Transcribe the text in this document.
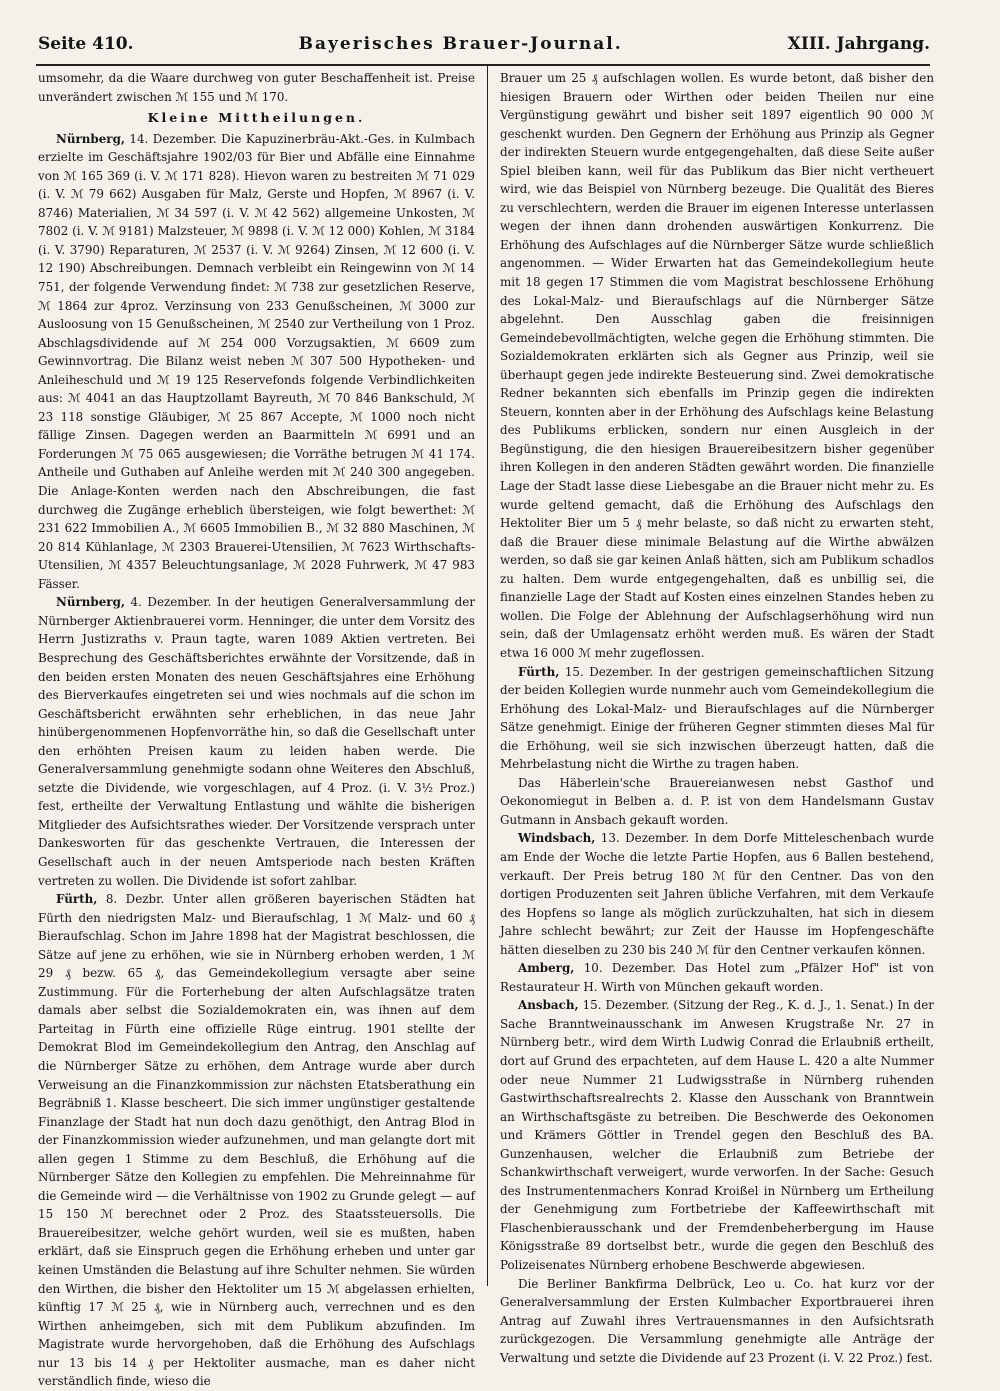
Seite 410.	Bayerisches Brauer-Journal.	XIII. Jahrgang.

umsomehr, da die Waare durchweg von guter Beschaffenheit ist. Preise unverändert zwischen ℳ 155 und ℳ 170.

Kleine Mittheilungen.

Nürnberg, 14. Dezember. Die Kapuzinerbräu-Akt.-Ges. in Kulmbach erzielte im Geschäftsjahre 1902/03 für Bier und Abfälle eine Einnahme von ℳ 165 369 (i. V. ℳ 171 828). Hievon waren zu bestreiten ℳ 71 029 (i. V. ℳ 79 662) Ausgaben für Malz, Gerste und Hopfen, ℳ 8967 (i. V. 8746) Materialien, ℳ 34 597 (i. V. ℳ 42 562) allgemeine Unkosten, ℳ 7802 (i. V. ℳ 9181) Malzsteuer, ℳ 9898 (i. V. ℳ 12 000) Kohlen, ℳ 3184 (i. V. 3790) Reparaturen, ℳ 2537 (i. V. ℳ 9264) Zinsen, ℳ 12 600 (i. V. 12 190) Abschreibungen. Demnach verbleibt ein Reingewinn von ℳ 14 751, der folgende Verwendung findet: ℳ 738 zur gesetzlichen Reserve, ℳ 1864 zur 4proz. Verzinsung von 233 Genußscheinen, ℳ 3000 zur Ausloosung von 15 Genußscheinen, ℳ 2540 zur Vertheilung von 1 Proz. Abschlagsdividende auf ℳ 254 000 Vorzugsaktien, ℳ 6609 zum Gewinnvortrag. Die Bilanz weist neben ℳ 307 500 Hypotheken- und Anleiheschuld und ℳ 19 125 Reservefonds folgende Verbindlichkeiten aus: ℳ 4041 an das Hauptzollamt Bayreuth, ℳ 70 846 Bankschuld, ℳ 23 118 sonstige Gläubiger, ℳ 25 867 Accepte, ℳ 1000 noch nicht fällige Zinsen. Dagegen werden an Baarmitteln ℳ 6991 und an Forderungen ℳ 75 065 ausgewiesen; die Vorräthe betrugen ℳ 41 174. Antheile und Guthaben auf Anleihe werden mit ℳ 240 300 angegeben. Die Anlage-Konten werden nach den Abschreibungen, die fast durchweg die Zugänge erheblich übersteigen, wie folgt bewerthet: ℳ 231 622 Immobilien A., ℳ 6605 Immobilien B., ℳ 32 880 Maschinen, ℳ 20 814 Kühlanlage, ℳ 2303 Brauerei-Utensilien, ℳ 7623 Wirthschafts-Utensilien, ℳ 4357 Beleuchtungsanlage, ℳ 2028 Fuhrwerk, ℳ 47 983 Fässer.

Nürnberg, 4. Dezember. In der heutigen Generalversammlung der Nürnberger Aktienbrauerei vorm. Henninger, die unter dem Vorsitz des Herrn Justizraths v. Praun tagte, waren 1089 Aktien vertreten. Bei Besprechung des Geschäftsberichtes erwähnte der Vorsitzende, daß in den beiden ersten Monaten des neuen Geschäftsjahres eine Erhöhung des Bierverkaufes eingetreten sei und wies nochmals auf die schon im Geschäftsbericht erwähnten sehr erheblichen, in das neue Jahr hinübergenommenen Hopfenvorräthe hin, so daß die Gesellschaft unter den erhöhten Preisen kaum zu leiden haben werde. Die Generalversammlung genehmigte sodann ohne Weiteres den Abschluß, setzte die Dividende, wie vorgeschlagen, auf 4 Proz. (i. V. 3½ Proz.) fest, ertheilte der Verwaltung Entlastung und wählte die bisherigen Mitglieder des Aufsichtsrathes wieder. Der Vorsitzende versprach unter Dankesworten für das geschenkte Vertrauen, die Interessen der Gesellschaft auch in der neuen Amtsperiode nach besten Kräften vertreten zu wollen. Die Dividende ist sofort zahlbar.

Fürth, 8. Dezbr. Unter allen größeren bayerischen Städten hat Fürth den niedrigsten Malz- und Bieraufschlag, 1 ℳ Malz- und 60 ₰ Bieraufschlag. Schon im Jahre 1898 hat der Magistrat beschlossen, die Sätze auf jene zu erhöhen, wie sie in Nürnberg erhoben werden, 1 ℳ 29 ₰ bezw. 65 ₰, das Gemeindekollegium versagte aber seine Zustimmung. Für die Forterhebung der alten Aufschlagsätze traten damals aber selbst die Sozialdemokraten ein, was ihnen auf dem Parteitag in Fürth eine offizielle Rüge eintrug. 1901 stellte der Demokrat Blod im Gemeindekollegium den Antrag, den Anschlag auf die Nürnberger Sätze zu erhöhen, dem Antrage wurde aber durch Verweisung an die Finanzkommission zur nächsten Etatsberathung ein Begräbniß 1. Klasse bescheert. Die sich immer ungünstiger gestaltende Finanzlage der Stadt hat nun doch dazu genöthigt, den Antrag Blod in der Finanzkommission wieder aufzunehmen, und man gelangte dort mit allen gegen 1 Stimme zu dem Beschluß, die Erhöhung auf die Nürnberger Sätze den Kollegien zu empfehlen. Die Mehreinnahme für die Gemeinde wird — die Verhältnisse von 1902 zu Grunde gelegt — auf 15 150 ℳ berechnet oder 2 Proz. des Staatssteuersolls. Die Brauereibesitzer, welche gehört wurden, weil sie es mußten, haben erklärt, daß sie Einspruch gegen die Erhöhung erheben und unter gar keinen Umständen die Belastung auf ihre Schulter nehmen. Sie würden den Wirthen, die bisher den Hektoliter um 15 ℳ abgelassen erhielten, künftig 17 ℳ 25 ₰, wie in Nürnberg auch, verrechnen und es den Wirthen anheimgeben, sich mit dem Publikum abzufinden. Im Magistrate wurde hervorgehoben, daß die Erhöhung des Aufschlags nur 13 bis 14 ₰ per Hektoliter ausmache, man es daher nicht verständlich finde, wieso die

Brauer um 25 ₰ aufschlagen wollen. Es wurde betont, daß bisher den hiesigen Brauern oder Wirthen oder beiden Theilen nur eine Vergünstigung gewährt und bisher seit 1897 eigentlich 90 000 ℳ geschenkt wurden. Den Gegnern der Erhöhung aus Prinzip als Gegner der indirekten Steuern wurde entgegengehalten, daß diese Seite außer Spiel bleiben kann, weil für das Publikum das Bier nicht vertheuert wird, wie das Beispiel von Nürnberg bezeuge. Die Qualität des Bieres zu verschlechtern, werden die Brauer im eigenen Interesse unterlassen wegen der ihnen dann drohenden auswärtigen Konkurrenz. Die Erhöhung des Aufschlages auf die Nürnberger Sätze wurde schließlich angenommen. — Wider Erwarten hat das Gemeindekollegium heute mit 18 gegen 17 Stimmen die vom Magistrat beschlossene Erhöhung des Lokal-Malz- und Bieraufschlags auf die Nürnberger Sätze abgelehnt. Den Ausschlag gaben die freisinnigen Gemeindebevollmächtigten, welche gegen die Erhöhung stimmten. Die Sozialdemokraten erklärten sich als Gegner aus Prinzip, weil sie überhaupt gegen jede indirekte Besteuerung sind. Zwei demokratische Redner bekannten sich ebenfalls im Prinzip gegen die indirekten Steuern, konnten aber in der Erhöhung des Aufschlags keine Belastung des Publikums erblicken, sondern nur einen Ausgleich in der Begünstigung, die den hiesigen Brauereibesitzern bisher gegenüber ihren Kollegen in den anderen Städten gewährt worden. Die finanzielle Lage der Stadt lasse diese Liebesgabe an die Brauer nicht mehr zu. Es wurde geltend gemacht, daß die Erhöhung des Aufschlags den Hektoliter Bier um 5 ₰ mehr belaste, so daß nicht zu erwarten steht, daß die Brauer diese minimale Belastung auf die Wirthe abwälzen werden, so daß sie gar keinen Anlaß hätten, sich am Publikum schadlos zu halten. Dem wurde entgegengehalten, daß es unbillig sei, die finanzielle Lage der Stadt auf Kosten eines einzelnen Standes heben zu wollen. Die Folge der Ablehnung der Aufschlagserhöhung wird nun sein, daß der Umlagensatz erhöht werden muß. Es wären der Stadt etwa 16 000 ℳ mehr zugeflossen.

Fürth, 15. Dezember. In der gestrigen gemeinschaftlichen Sitzung der beiden Kollegien wurde nunmehr auch vom Gemeindekollegium die Erhöhung des Lokal-Malz- und Bieraufschlages auf die Nürnberger Sätze genehmigt. Einige der früheren Gegner stimmten dieses Mal für die Erhöhung, weil sie sich inzwischen überzeugt hatten, daß die Mehrbelastung nicht die Wirthe zu tragen haben.

Das Häberlein'sche Brauereianwesen nebst Gasthof und Oekonomiegut in Belben a. d. P. ist von dem Handelsmann Gustav Gutmann in Ansbach gekauft worden.

Windsbach, 13. Dezember. In dem Dorfe Mitteleschenbach wurde am Ende der Woche die letzte Partie Hopfen, aus 6 Ballen bestehend, verkauft. Der Preis betrug 180 ℳ für den Centner. Das von den dortigen Produzenten seit Jahren übliche Verfahren, mit dem Verkaufe des Hopfens so lange als möglich zurückzuhalten, hat sich in diesem Jahre schlecht bewährt; zur Zeit der Hausse im Hopfengeschäfte hätten dieselben zu 230 bis 240 ℳ für den Centner verkaufen können.

Amberg, 10. Dezember. Das Hotel zum „Pfälzer Hof" ist von Restaurateur H. Wirth von München gekauft worden.

Ansbach, 15. Dezember. (Sitzung der Reg., K. d. J., 1. Senat.) In der Sache Branntweinausschank im Anwesen Krugstraße Nr. 27 in Nürnberg betr., wird dem Wirth Ludwig Conrad die Erlaubniß ertheilt, dort auf Grund des erpachteten, auf dem Hause L. 420 a alte Nummer oder neue Nummer 21 Ludwigsstraße in Nürnberg ruhenden Gastwirthschaftsrealrechts 2. Klasse den Ausschank von Branntwein an Wirthschaftsgäste zu betreiben. Die Beschwerde des Oekonomen und Krämers Göttler in Trendel gegen den Beschluß des BA. Gunzenhausen, welcher die Erlaubniß zum Betriebe der Schankwirthschaft verweigert, wurde verworfen. In der Sache: Gesuch des Instrumentenmachers Konrad Kroißel in Nürnberg um Ertheilung der Genehmigung zum Fortbetriebe der Kaffeewirthschaft mit Flaschenbierausschank und der Fremdenbeherbergung im Hause Königsstraße 89 dortselbst betr., wurde die gegen den Beschluß des Polizeisenates Nürnberg erhobene Beschwerde abgewiesen.

Die Berliner Bankfirma Delbrück, Leo u. Co. hat kurz vor der Generalversammlung der Ersten Kulmbacher Exportbrauerei ihren Antrag auf Zuwahl ihres Vertrauensmannes in den Aufsichtsrath zurückgezogen. Die Versammlung genehmigte alle Anträge der Verwaltung und setzte die Dividende auf 23 Prozent (i. V. 22 Proz.) fest.
